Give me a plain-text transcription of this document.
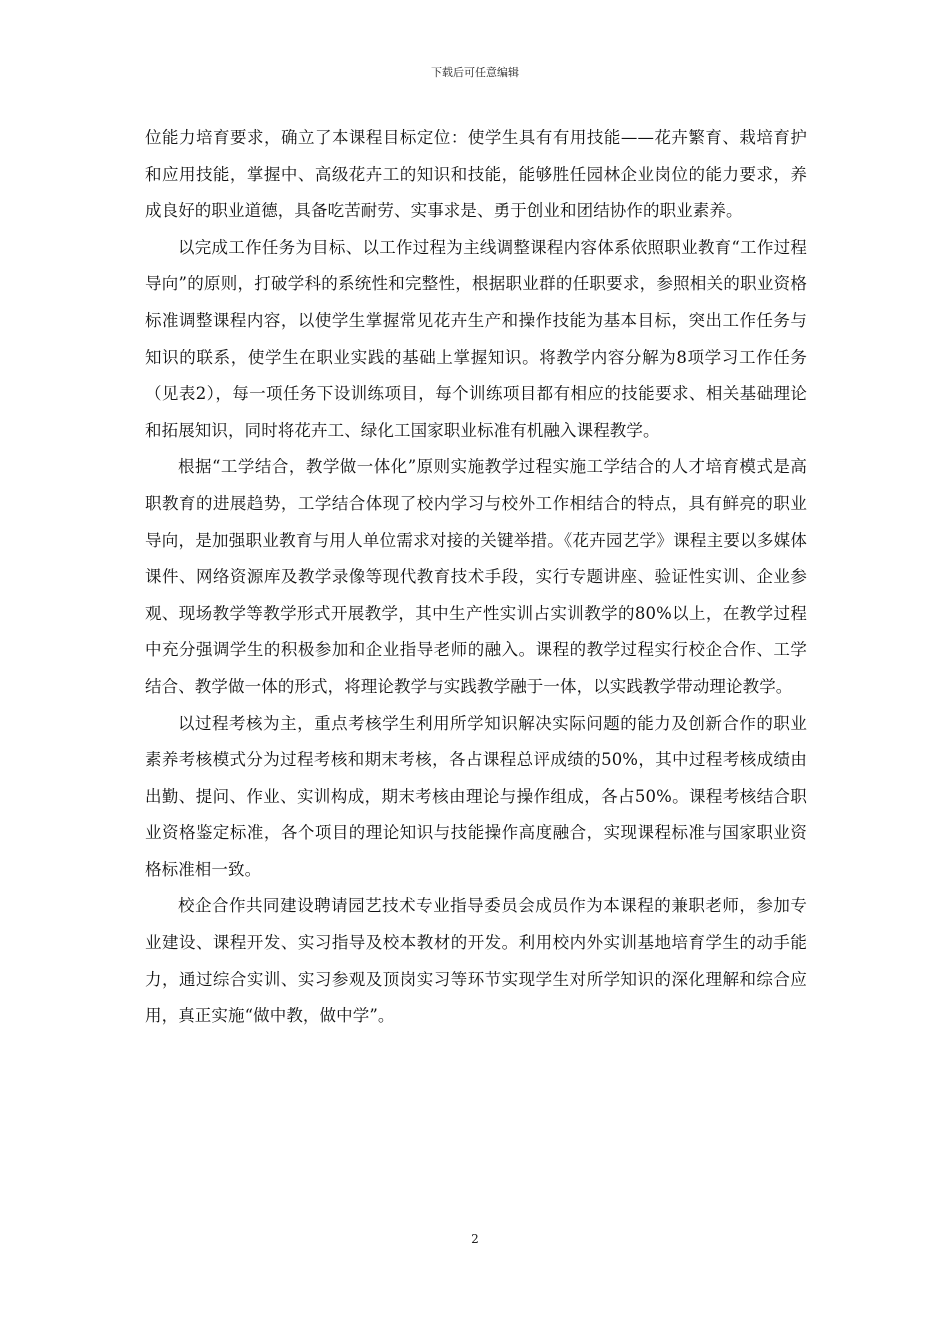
下载后可任意编辑

位能力培育要求，确立了本课程目标定位：使学生具有有用技能——花卉繁育、栽培育护和应用技能，掌握中、高级花卉工的知识和技能，能够胜任园林企业岗位的能力要求，养成良好的职业道德，具备吃苦耐劳、实事求是、勇于创业和团结协作的职业素养。

以完成工作任务为目标、以工作过程为主线调整课程内容体系依照职业教育“工作过程导向”的原则，打破学科的系统性和完整性，根据职业群的任职要求，参照相关的职业资格标准调整课程内容，以使学生掌握常见花卉生产和操作技能为基本目标，突出工作任务与知识的联系，使学生在职业实践的基础上掌握知识。将教学内容分解为8项学习工作任务（见表2），每一项任务下设训练项目，每个训练项目都有相应的技能要求、相关基础理论和拓展知识，同时将花卉工、绿化工国家职业标准有机融入课程教学。

根据“工学结合，教学做一体化”原则实施教学过程实施工学结合的人才培育模式是高职教育的进展趋势，工学结合体现了校内学习与校外工作相结合的特点，具有鲜亮的职业导向，是加强职业教育与用人单位需求对接的关键举措。《花卉园艺学》课程主要以多媒体课件、网络资源库及教学录像等现代教育技术手段，实行专题讲座、验证性实训、企业参观、现场教学等教学形式开展教学，其中生产性实训占实训教学的80%以上，在教学过程中充分强调学生的积极参加和企业指导老师的融入。课程的教学过程实行校企合作、工学结合、教学做一体的形式，将理论教学与实践教学融于一体，以实践教学带动理论教学。

以过程考核为主，重点考核学生利用所学知识解决实际问题的能力及创新合作的职业素养考核模式分为过程考核和期末考核，各占课程总评成绩的50%，其中过程考核成绩由出勤、提问、作业、实训构成，期末考核由理论与操作组成，各占50%。课程考核结合职业资格鉴定标准，各个项目的理论知识与技能操作高度融合，实现课程标准与国家职业资格标准相一致。

校企合作共同建设聘请园艺技术专业指导委员会成员作为本课程的兼职老师，参加专业建设、课程开发、实习指导及校本教材的开发。利用校内外实训基地培育学生的动手能力，通过综合实训、实习参观及顶岗实习等环节实现学生对所学知识的深化理解和综合应用，真正实施“做中教，做中学”。

2
